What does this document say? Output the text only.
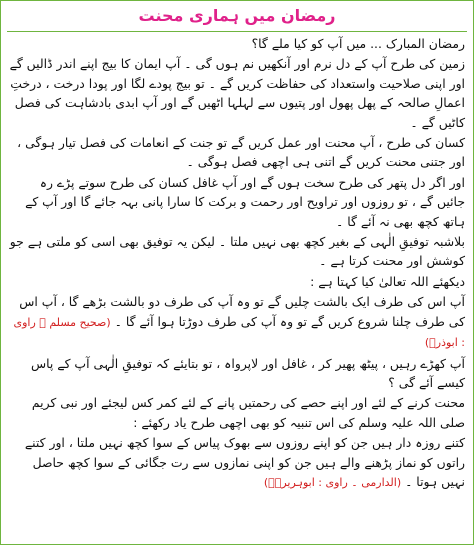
رمضان میں ہماری محنت

رمضان المبارک ... میں آپ کو کیا ملے گا؟

زمین کی طرح آپ کے دل نرم اور آنکھیں نم ہوں گی ۔ آپ ایمان کا بیج اپنے اندر ڈالیں گے اور اپنی صلاحیت واستعداد کی حفاظت کریں گے ۔ تو بیج پودے لگا اور پودا درخت ، درختِ اعمالِ صالحہ کے پھل پھول اور پتیوں سے لہلہا اٹھیں گے اور آپ ابدی بادشاہت کی فصل کاٹیں گے ۔

کسان کی طرح ، آپ محنت اور عمل کریں گے تو جنت کے انعامات کی فصل تیار ہوگی ، اور جتنی محنت کریں گے اتنی ہی اچھی فصل ہوگی ۔

اور اگر دل پتھر کی طرح سخت ہوں گے اور آپ غافل کسان کی طرح سوتے پڑے رہ جائیں گے ، تو روزوں اور تراویح اور رحمت و برکت کا سارا پانی بہہ جائے گا اور آپ کے ہاتھ کچھ بھی نہ آئے گا ۔

بلاشبہ توفیقِ الٰہی کے بغیر کچھ بھی نہیں ملتا ۔ لیکن یہ توفیق بھی اسی کو ملتی ہے جو کوشش اور محنت کرتا ہے ۔

دیکھئے اللہ تعالیٰ کیا کہتا ہے :

آپ اس کی طرف ایک بالشت چلیں گے تو وہ آپ کی طرف دو بالشت بڑھے گا ، آپ اس کی طرف چلنا شروع کریں گے تو وہ آپ کی طرف دوڑتا ہوا آئے گا ۔ (صحیح مسلم ۔ راوی : ابوذرؓ)

آپ کھڑے رہیں ، پیٹھ پھیر کر ، غافل اور لاپرواہ ، تو بتایئے کہ توفیقِ الٰہی آپ کے پاس کیسے آئے گی ؟

محنت کرنے کے لئے اور اپنے حصے کی رحمتیں پانے کے لئے کمر کس لیجئے اور نبی کریم صلی اللہ علیہ وسلم کی اس تنبیہ کو بھی اچھی طرح یاد رکھئے :

کتنے روزہ دار ہیں جن کو اپنے روزوں سے بھوک پیاس کے سوا کچھ نہیں ملتا ، اور کتنے راتوں کو نماز پڑھنے والے ہیں جن کو اپنی نمازوں سے رت جگائی کے سوا کچھ حاصل نہیں ہوتا ۔ (الدارمی ۔ راوی : ابوہریرہؓ)
